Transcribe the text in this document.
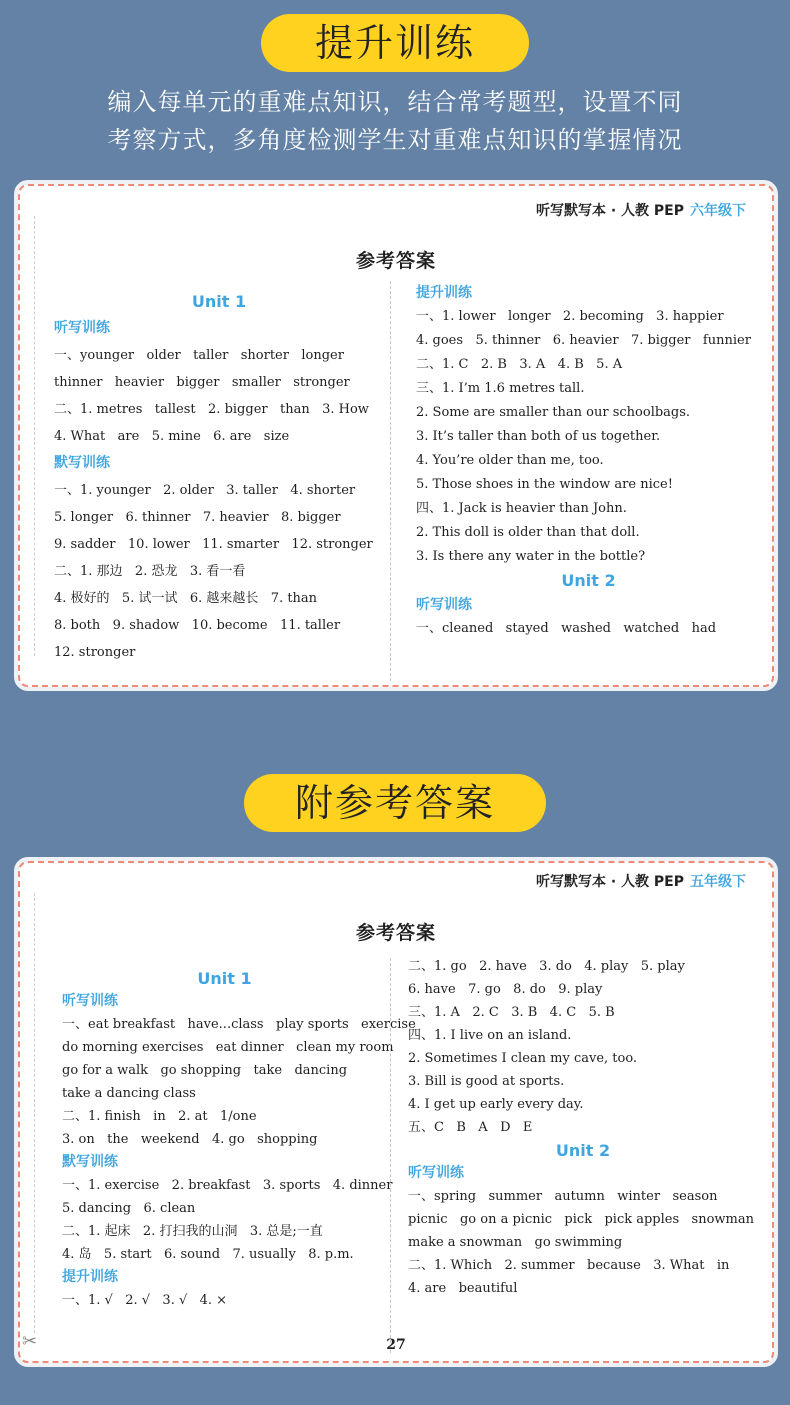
提升训练
编入每单元的重难点知识，结合常考题型，设置不同
考察方式，多角度检测学生对重难点知识的掌握情况
听写默写本 · 人教 PEP 六年级下
参考答案
Unit 1
听写训练
一、younger   older   taller   shorter   longer
thinner   heavier   bigger   smaller   stronger
二、1. metres   tallest   2. bigger   than   3. How
4. What   are   5. mine   6. are   size
默写训练
一、1. younger   2. older   3. taller   4. shorter
5. longer   6. thinner   7. heavier   8. bigger
9. sadder   10. lower   11. smarter   12. stronger
二、1. 那边   2. 恐龙   3. 看一看
4. 极好的   5. 试一试   6. 越来越长   7. than
8. both   9. shadow   10. become   11. taller
12. stronger
提升训练
一、1. lower   longer   2. becoming   3. happier
4. goes   5. thinner   6. heavier   7. bigger   funnier
二、1. C   2. B   3. A   4. B   5. A
三、1. I’m 1.6 metres tall.
2. Some are smaller than our schoolbags.
3. It’s taller than both of us together.
4. You’re older than me, too.
5. Those shoes in the window are nice!
四、1. Jack is heavier than John.
2. This doll is older than that doll.
3. Is there any water in the bottle?
Unit 2
听写训练
一、cleaned   stayed   washed   watched   had
附参考答案
听写默写本 · 人教 PEP 五年级下
参考答案
Unit 1
听写训练
一、eat breakfast   have...class   play sports   exercise
do morning exercises   eat dinner   clean my room
go for a walk   go shopping   take   dancing
take a dancing class
二、1. finish   in   2. at   1/one
3. on   the   weekend   4. go   shopping
默写训练
一、1. exercise   2. breakfast   3. sports   4. dinner
5. dancing   6. clean
二、1. 起床   2. 打扫我的山洞   3. 总是;一直
4. 岛   5. start   6. sound   7. usually   8. p.m.
提升训练
一、1. √   2. √   3. √   4. ×
二、1. go   2. have   3. do   4. play   5. play
6. have   7. go   8. do   9. play
三、1. A   2. C   3. B   4. C   5. B
四、1. I live on an island.
2. Sometimes I clean my cave, too.
3. Bill is good at sports.
4. I get up early every day.
五、C   B   A   D   E
Unit 2
听写训练
一、spring   summer   autumn   winter   season
picnic   go on a picnic   pick   pick apples   snowman
make a snowman   go swimming
二、1. Which   2. summer   because   3. What   in
4. are   beautiful
✂	27
